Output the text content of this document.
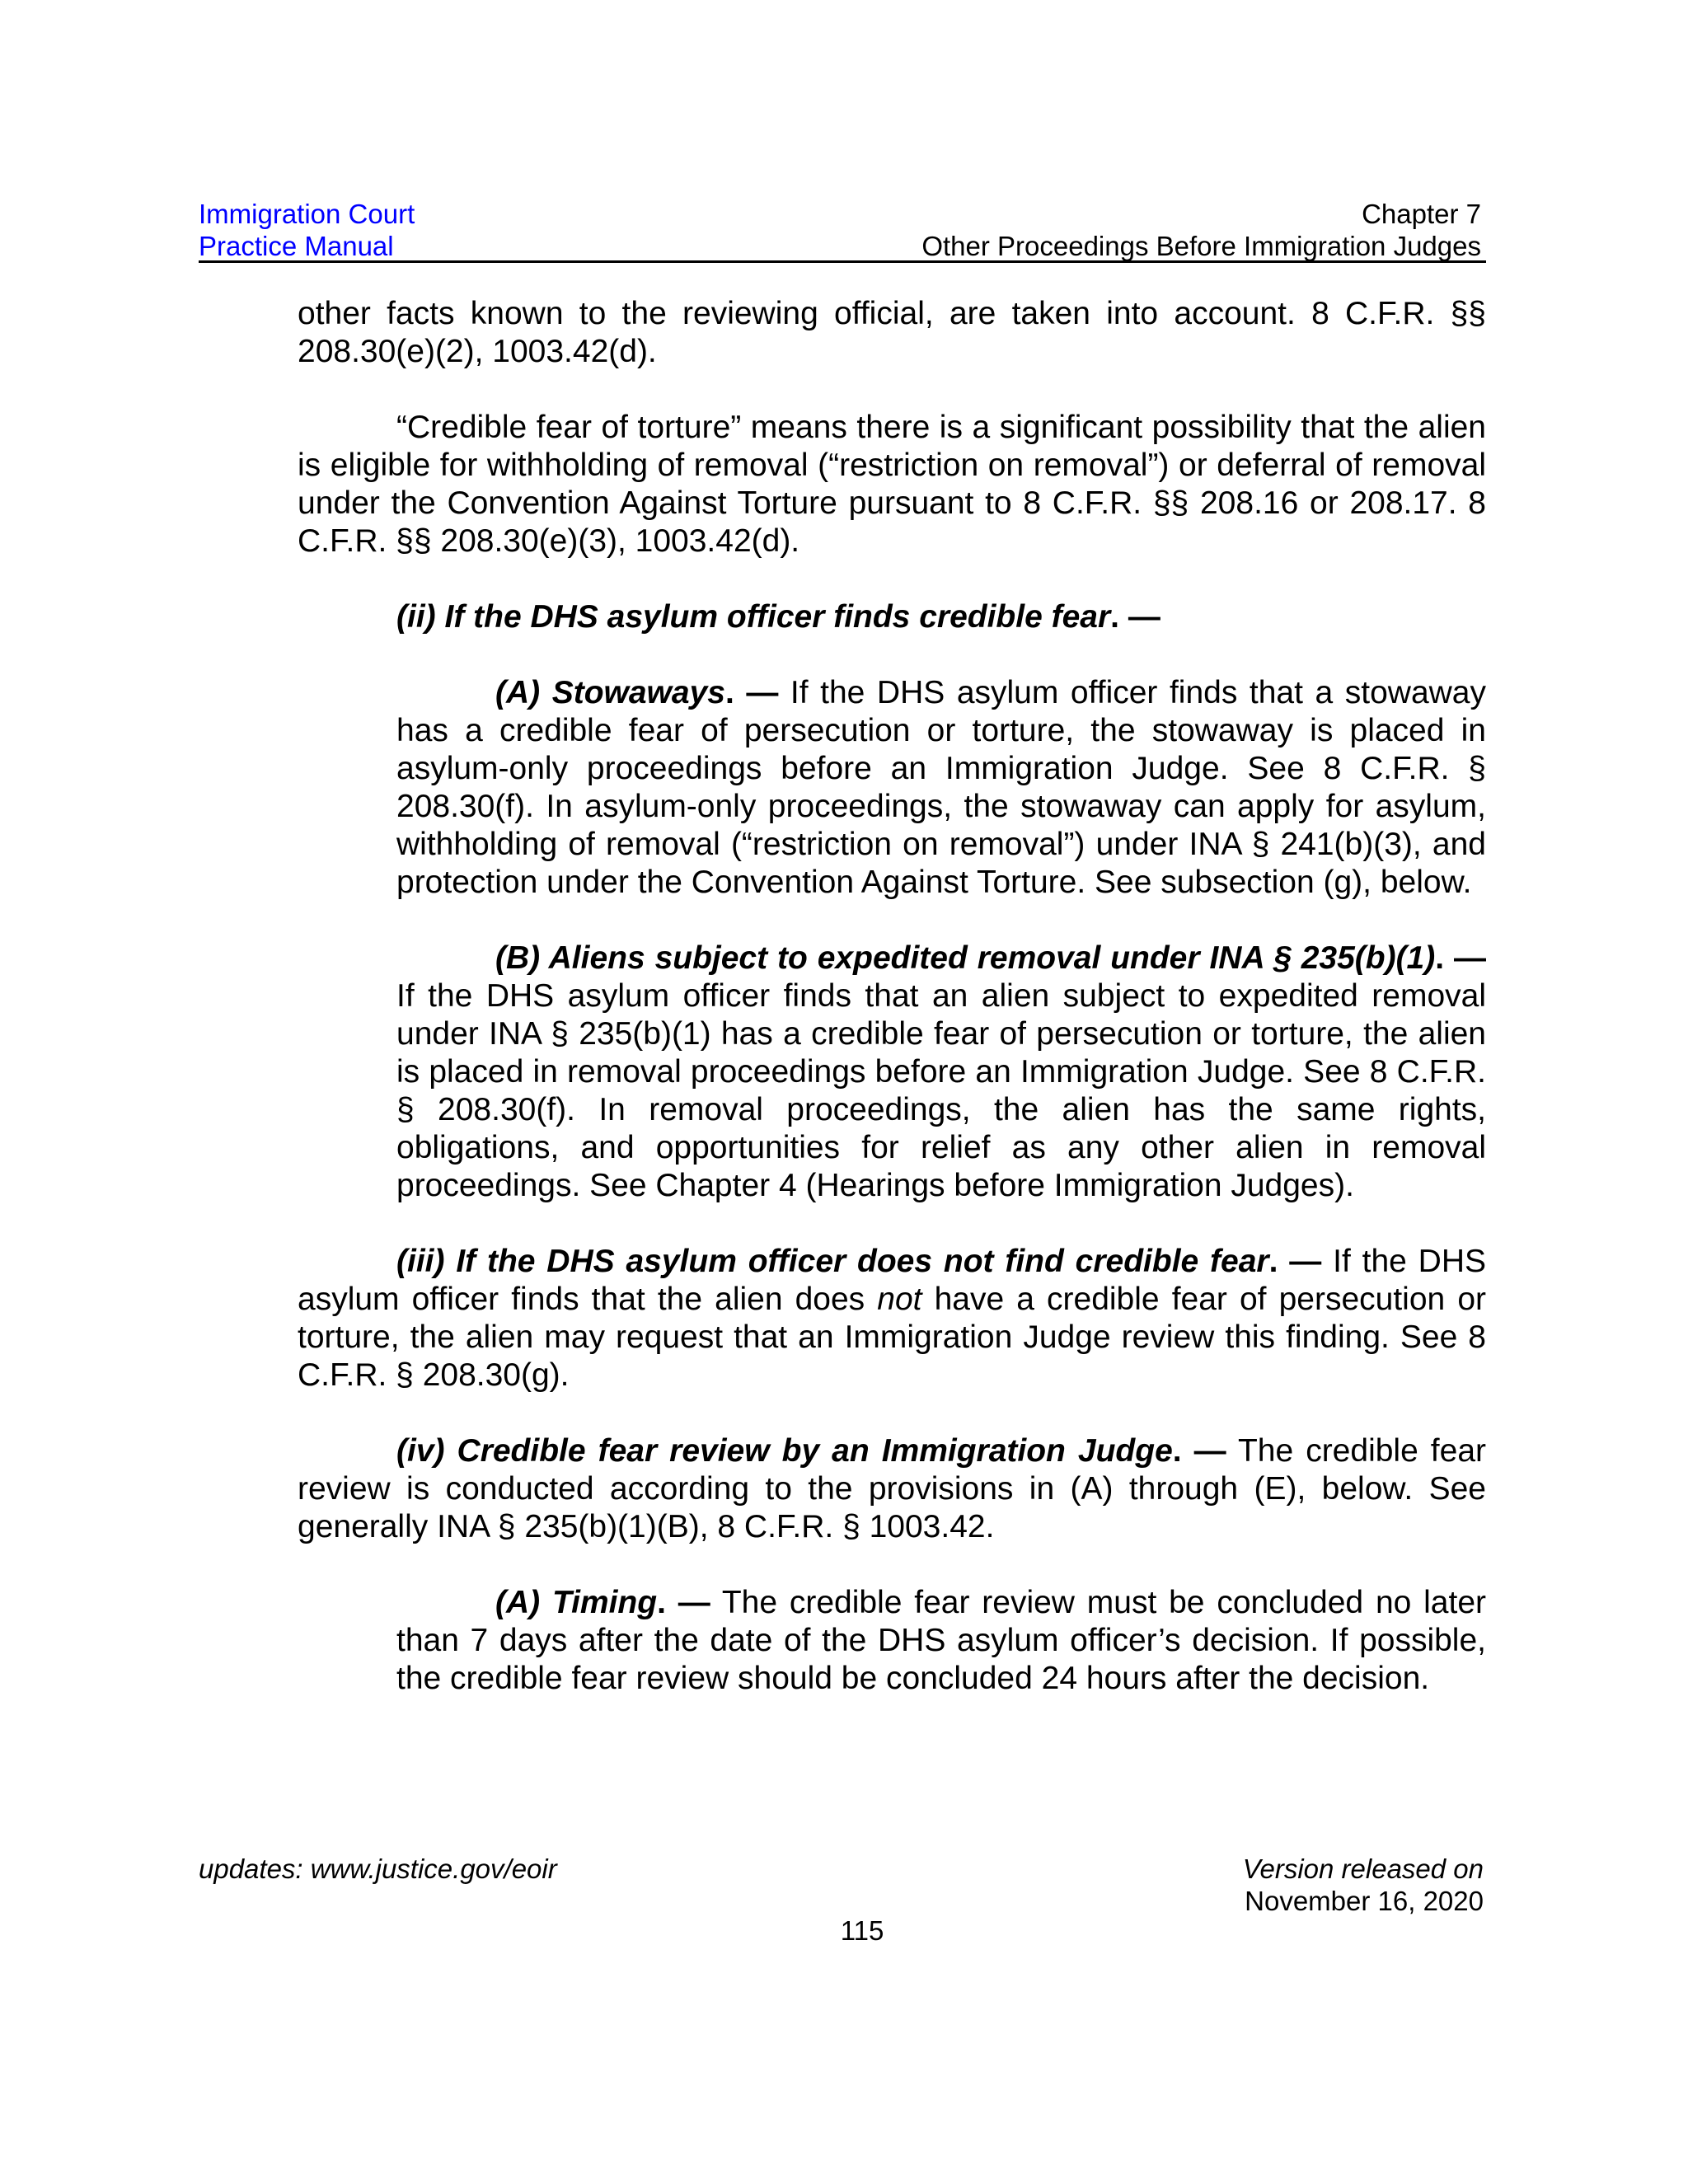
Immigration Court
Practice Manual
Chapter 7
Other Proceedings Before Immigration Judges

other facts known to the reviewing official, are taken into account. 8 C.F.R. §§ 208.30(e)(2), 1003.42(d).

“Credible fear of torture” means there is a significant possibility that the alien is eligible for withholding of removal (“restriction on removal”) or deferral of removal under the Convention Against Torture pursuant to 8 C.F.R. §§ 208.16 or 208.17. 8 C.F.R. §§ 208.30(e)(3), 1003.42(d).

(ii) If the DHS asylum officer finds credible fear. —

(A) Stowaways. — If the DHS asylum officer finds that a stowaway has a credible fear of persecution or torture, the stowaway is placed in asylum-only proceedings before an Immigration Judge. See 8 C.F.R. § 208.30(f). In asylum-only proceedings, the stowaway can apply for asylum, withholding of removal (“restriction on removal”) under INA § 241(b)(3), and protection under the Convention Against Torture. See subsection (g), below.

(B) Aliens subject to expedited removal under INA § 235(b)(1). — If the DHS asylum officer finds that an alien subject to expedited removal under INA § 235(b)(1) has a credible fear of persecution or torture, the alien is placed in removal proceedings before an Immigration Judge. See 8 C.F.R. § 208.30(f). In removal proceedings, the alien has the same rights, obligations, and opportunities for relief as any other alien in removal proceedings. See Chapter 4 (Hearings before Immigration Judges).

(iii) If the DHS asylum officer does not find credible fear. — If the DHS asylum officer finds that the alien does not have a credible fear of persecution or torture, the alien may request that an Immigration Judge review this finding. See 8 C.F.R. § 208.30(g).

(iv) Credible fear review by an Immigration Judge. — The credible fear review is conducted according to the provisions in (A) through (E), below. See generally INA § 235(b)(1)(B), 8 C.F.R. § 1003.42.

(A) Timing. — The credible fear review must be concluded no later than 7 days after the date of the DHS asylum officer’s decision. If possible, the credible fear review should be concluded 24 hours after the decision.

updates: www.justice.gov/eoir	Version released on
November 16, 2020
115
